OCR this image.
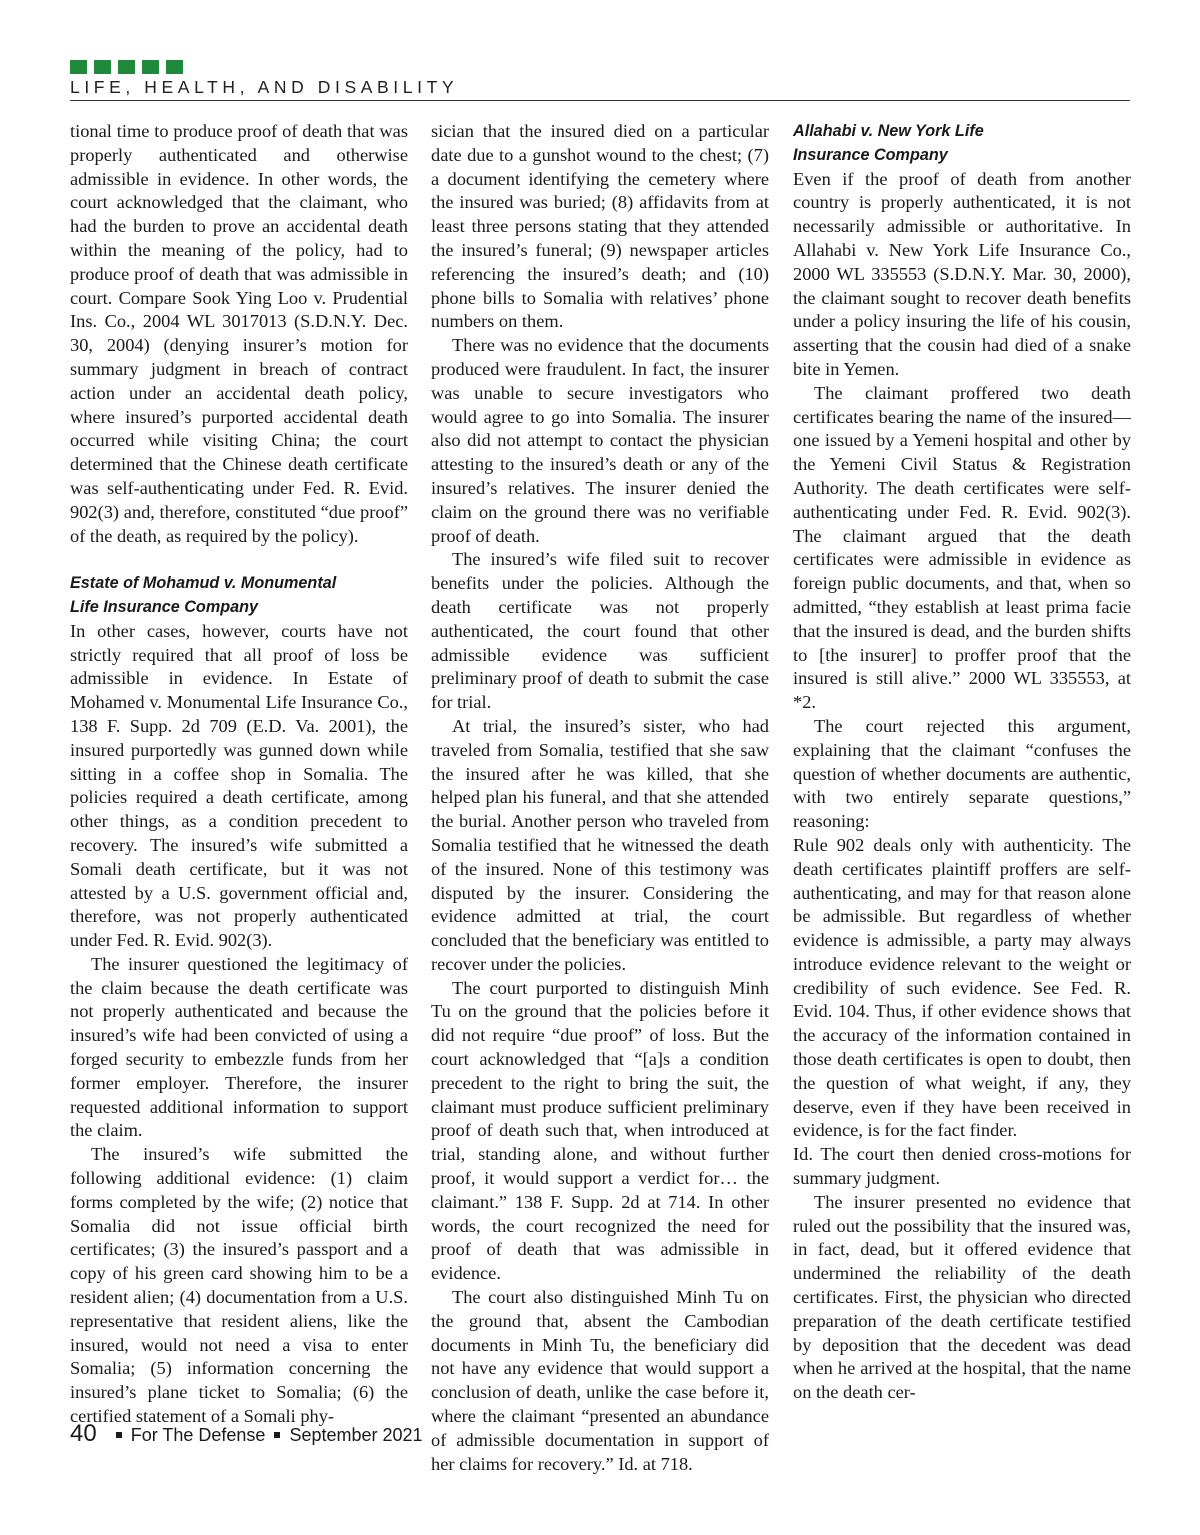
LIFE, HEALTH, AND DISABILITY

tional time to produce proof of death that was properly authenticated and otherwise admissible in evidence. In other words, the court acknowledged that the claimant, who had the burden to prove an accidental death within the meaning of the policy, had to produce proof of death that was admissible in court. Compare Sook Ying Loo v. Prudential Ins. Co., 2004 WL 3017013 (S.D.N.Y. Dec. 30, 2004) (denying insurer’s motion for summary judgment in breach of contract action under an accidental death policy, where insured’s purported accidental death occurred while visiting China; the court determined that the Chinese death certificate was self-authenticating under Fed. R. Evid. 902(3) and, therefore, constituted “due proof” of the death, as required by the policy).

Estate of Mohamud v. Monumental
Life Insurance Company

In other cases, however, courts have not strictly required that all proof of loss be admissible in evidence. In Estate of Mohamed v. Monumental Life Insurance Co., 138 F. Supp. 2d 709 (E.D. Va. 2001), the insured purportedly was gunned down while sitting in a coffee shop in Somalia. The policies required a death certificate, among other things, as a condition precedent to recovery. The insured’s wife submitted a Somali death certificate, but it was not attested by a U.S. government official and, therefore, was not properly authenticated under Fed. R. Evid. 902(3).

The insurer questioned the legitimacy of the claim because the death certificate was not properly authenticated and because the insured’s wife had been convicted of using a forged security to embezzle funds from her former employer. Therefore, the insurer requested additional information to support the claim.

The insured’s wife submitted the following additional evidence: (1) claim forms completed by the wife; (2) notice that Somalia did not issue official birth certificates; (3) the insured’s passport and a copy of his green card showing him to be a resident alien; (4) documentation from a U.S. representative that resident aliens, like the insured, would not need a visa to enter Somalia; (5) information concerning the insured’s plane ticket to Somalia; (6) the certified statement of a Somali phy-

sician that the insured died on a particular date due to a gunshot wound to the chest; (7) a document identifying the cemetery where the insured was buried; (8) affidavits from at least three persons stating that they attended the insured’s funeral; (9) newspaper articles referencing the insured’s death; and (10) phone bills to Somalia with relatives’ phone numbers on them.

There was no evidence that the documents produced were fraudulent. In fact, the insurer was unable to secure investigators who would agree to go into Somalia. The insurer also did not attempt to contact the physician attesting to the insured’s death or any of the insured’s relatives. The insurer denied the claim on the ground there was no verifiable proof of death.

The insured’s wife filed suit to recover benefits under the policies. Although the death certificate was not properly authenticated, the court found that other admissible evidence was sufficient preliminary proof of death to submit the case for trial.

At trial, the insured’s sister, who had traveled from Somalia, testified that she saw the insured after he was killed, that she helped plan his funeral, and that she attended the burial. Another person who traveled from Somalia testified that he witnessed the death of the insured. None of this testimony was disputed by the insurer. Considering the evidence admitted at trial, the court concluded that the beneficiary was entitled to recover under the policies.

The court purported to distinguish Minh Tu on the ground that the policies before it did not require “due proof” of loss. But the court acknowledged that “[a]s a condition precedent to the right to bring the suit, the claimant must produce sufficient preliminary proof of death such that, when introduced at trial, standing alone, and without further proof, it would support a verdict for… the claimant.” 138 F. Supp. 2d at 714. In other words, the court recognized the need for proof of death that was admissible in evidence.

The court also distinguished Minh Tu on the ground that, absent the Cambodian documents in Minh Tu, the beneficiary did not have any evidence that would support a conclusion of death, unlike the case before it, where the claimant “presented an abundance of admissible documentation in support of her claims for recovery.” Id. at 718.

Allahabi v. New York Life
Insurance Company

Even if the proof of death from another country is properly authenticated, it is not necessarily admissible or authoritative. In Allahabi v. New York Life Insurance Co., 2000 WL 335553 (S.D.N.Y. Mar. 30, 2000), the claimant sought to recover death benefits under a policy insuring the life of his cousin, asserting that the cousin had died of a snake bite in Yemen.

The claimant proffered two death certificates bearing the name of the insured—one issued by a Yemeni hospital and other by the Yemeni Civil Status & Registration Authority. The death certificates were self-authenticating under Fed. R. Evid. 902(3). The claimant argued that the death certificates were admissible in evidence as foreign public documents, and that, when so admitted, “they establish at least prima facie that the insured is dead, and the burden shifts to [the insurer] to proffer proof that the insured is still alive.” 2000 WL 335553, at *2.

The court rejected this argument, explaining that the claimant “confuses the question of whether documents are authentic, with two entirely separate questions,” reasoning:

Rule 902 deals only with authenticity. The death certificates plaintiff proffers are self-authenticating, and may for that reason alone be admissible. But regardless of whether evidence is admissible, a party may always introduce evidence relevant to the weight or credibility of such evidence. See Fed. R. Evid. 104. Thus, if other evidence shows that the accuracy of the information contained in those death certificates is open to doubt, then the question of what weight, if any, they deserve, even if they have been received in evidence, is for the fact finder.

Id. The court then denied cross-motions for summary judgment.

The insurer presented no evidence that ruled out the possibility that the insured was, in fact, dead, but it offered evidence that undermined the reliability of the death certificates. First, the physician who directed preparation of the death certificate testified by deposition that the decedent was dead when he arrived at the hospital, that the name on the death cer-

40 For The Defense September 2021
